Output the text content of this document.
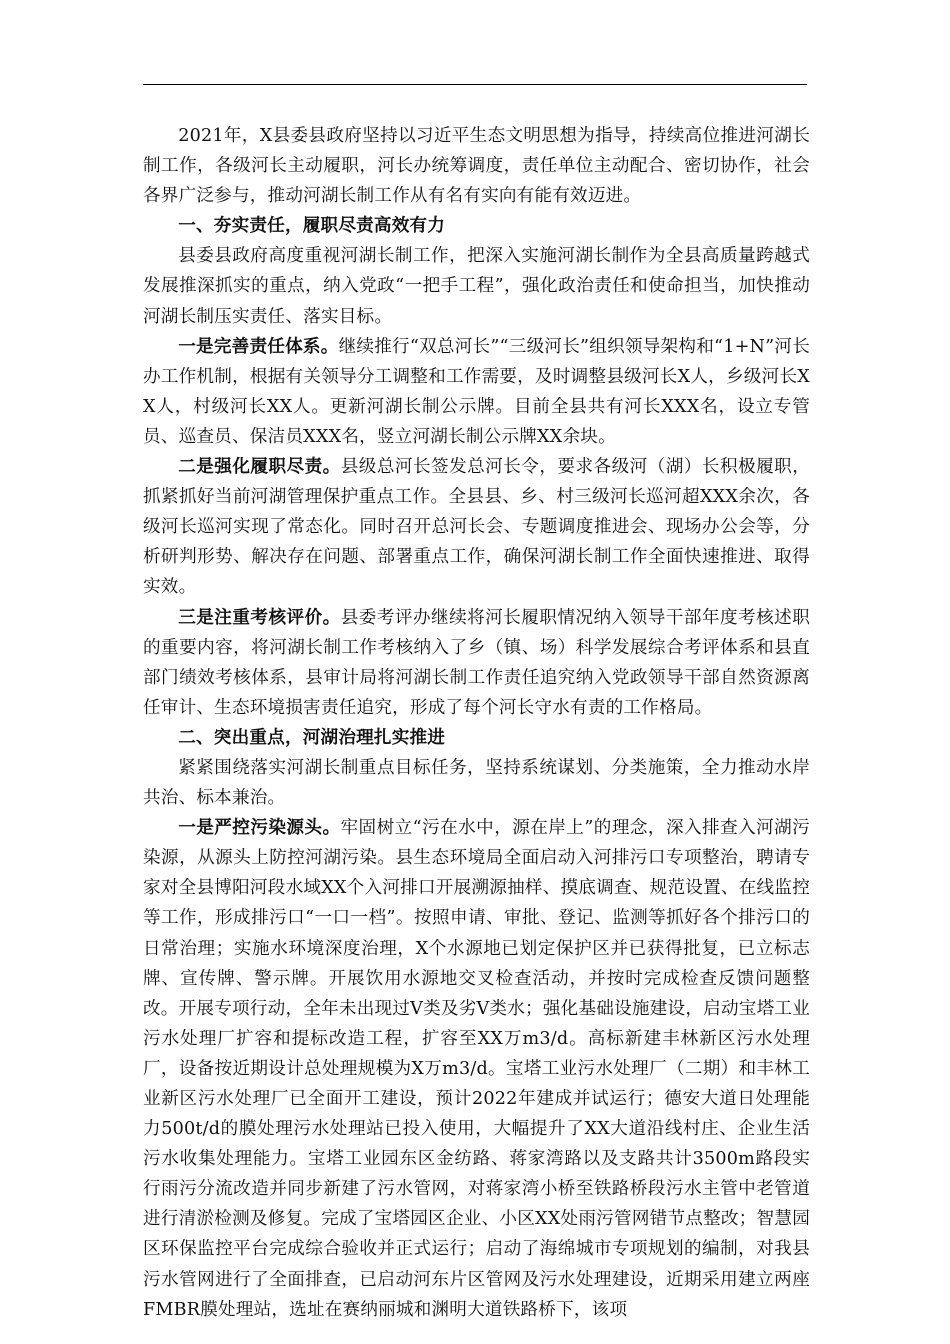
2021年，X县委县政府坚持以习近平生态文明思想为指导，持续高位推进河湖长制工作，各级河长主动履职，河长办统筹调度，责任单位主动配合、密切协作，社会各界广泛参与，推动河湖长制工作从有名有实向有能有效迈进。

一、夯实责任，履职尽责高效有力

县委县政府高度重视河湖长制工作，把深入实施河湖长制作为全县高质量跨越式发展推深抓实的重点，纳入党政“一把手工程”，强化政治责任和使命担当，加快推动河湖长制压实责任、落实目标。

一是完善责任体系。继续推行“双总河长”“三级河长”组织领导架构和“1+N”河长办工作机制，根据有关领导分工调整和工作需要，及时调整县级河长X人，乡级河长XX人，村级河长XX人。更新河湖长制公示牌。目前全县共有河长XXX名，设立专管员、巡查员、保洁员XXX名，竖立河湖长制公示牌XX余块。

二是强化履职尽责。县级总河长签发总河长令，要求各级河（湖）长积极履职，抓紧抓好当前河湖管理保护重点工作。全县县、乡、村三级河长巡河超XXX余次，各级河长巡河实现了常态化。同时召开总河长会、专题调度推进会、现场办公会等，分析研判形势、解决存在问题、部署重点工作，确保河湖长制工作全面快速推进、取得实效。

三是注重考核评价。县委考评办继续将河长履职情况纳入领导干部年度考核述职的重要内容，将河湖长制工作考核纳入了乡（镇、场）科学发展综合考评体系和县直部门绩效考核体系，县审计局将河湖长制工作责任追究纳入党政领导干部自然资源离任审计、生态环境损害责任追究，形成了每个河长守水有责的工作格局。

二、突出重点，河湖治理扎实推进

紧紧围绕落实河湖长制重点目标任务，坚持系统谋划、分类施策，全力推动水岸共治、标本兼治。

一是严控污染源头。牢固树立“污在水中，源在岸上”的理念，深入排查入河湖污染源，从源头上防控河湖污染。县生态环境局全面启动入河排污口专项整治，聘请专家对全县博阳河段水域XX个入河排口开展溯源抽样、摸底调查、规范设置、在线监控等工作，形成排污口“一口一档”。按照申请、审批、登记、监测等抓好各个排污口的日常治理；实施水环境深度治理，X个水源地已划定保护区并已获得批复，已立标志牌、宣传牌、警示牌。开展饮用水源地交叉检查活动，并按时完成检查反馈问题整改。开展专项行动，全年未出现过Ⅴ类及劣Ⅴ类水；强化基础设施建设，启动宝塔工业污水处理厂扩容和提标改造工程，扩容至XX万m3/d。高标新建丰林新区污水处理厂，设备按近期设计总处理规模为X万m3/d。宝塔工业污水处理厂（二期）和丰林工业新区污水处理厂已全面开工建设，预计2022年建成并试运行；德安大道日处理能力500t/d的膜处理污水处理站已投入使用，大幅提升了XX大道沿线村庄、企业生活污水收集处理能力。宝塔工业园东区金纺路、蒋家湾路以及支路共计3500m路段实行雨污分流改造并同步新建了污水管网，对蒋家湾小桥至铁路桥段污水主管中老管道进行清淤检测及修复。完成了宝塔园区企业、小区XX处雨污管网错节点整改；智慧园区环保监控平台完成综合验收并正式运行；启动了海绵城市专项规划的编制，对我县污水管网进行了全面排查，已启动河东片区管网及污水处理建设，近期采用建立两座FMBR膜处理站，选址在赛纳丽城和渊明大道铁路桥下，该项
